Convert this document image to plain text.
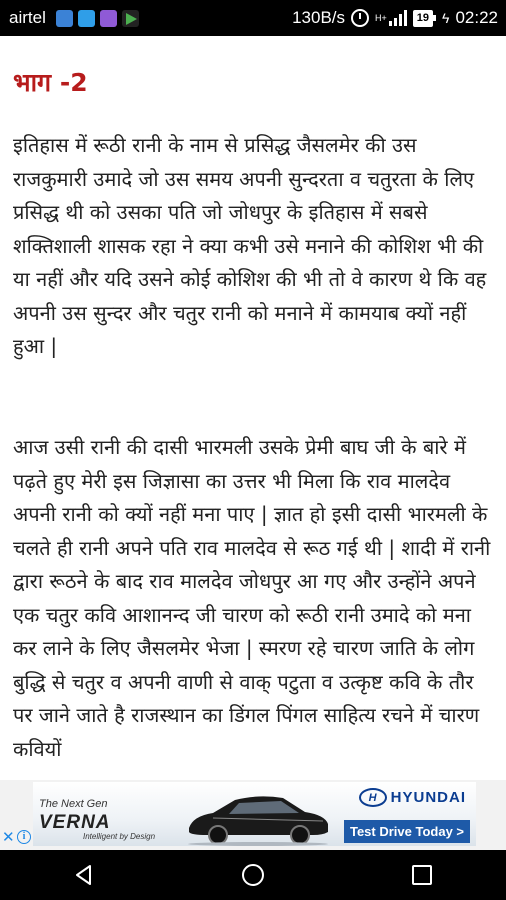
airtel	130B/s	H+	19 ϟ 02:22
भाग -2

इतिहास में रूठी रानी के नाम से प्रसिद्ध जैसलमेर की उस राजकुमारी उमादे जो उस समय अपनी सुन्दरता व चतुरता के लिए प्रसिद्ध थी को उसका पति जो जोधपुर के इतिहास में सबसे शक्तिशाली शासक रहा ने क्या कभी उसे मनाने की कोशिश भी की या नहीं और यदि उसने कोई कोशिश की भी तो वे कारण थे कि वह अपनी उस सुन्दर और चतुर रानी को मनाने में कामयाब क्यों नहीं हुआ |

आज उसी रानी की दासी भारमली उसके प्रेमी बाघ जी के बारे में पढ़ते हुए मेरी इस जिज्ञासा का उत्तर भी मिला कि राव मालदेव अपनी रानी को क्यों नहीं मना पाए | ज्ञात हो इसी दासी भारमली के चलते ही रानी अपने पति राव मालदेव से रूठ गई थी | शादी में रानी द्वारा रूठने के बाद राव मालदेव जोधपुर आ गए और उन्होंने अपने एक चतुर कवि आशानन्द जी चारण को रूठी रानी उमादे को मना कर लाने के लिए जैसलमेर भेजा | स्मरण रहे चारण जाति के लोग बुद्धि से चतुर व अपनी वाणी से वाक् पटुता व उत्कृष्ट कवि के तौर पर जाने जाते है राजस्थान का डिंगल पिंगल साहित्य रचने में चारण कवियों

The Next Gen
VERNA
Intelligent by Design
H HYUNDAI
Test Drive Today >
✕ i
